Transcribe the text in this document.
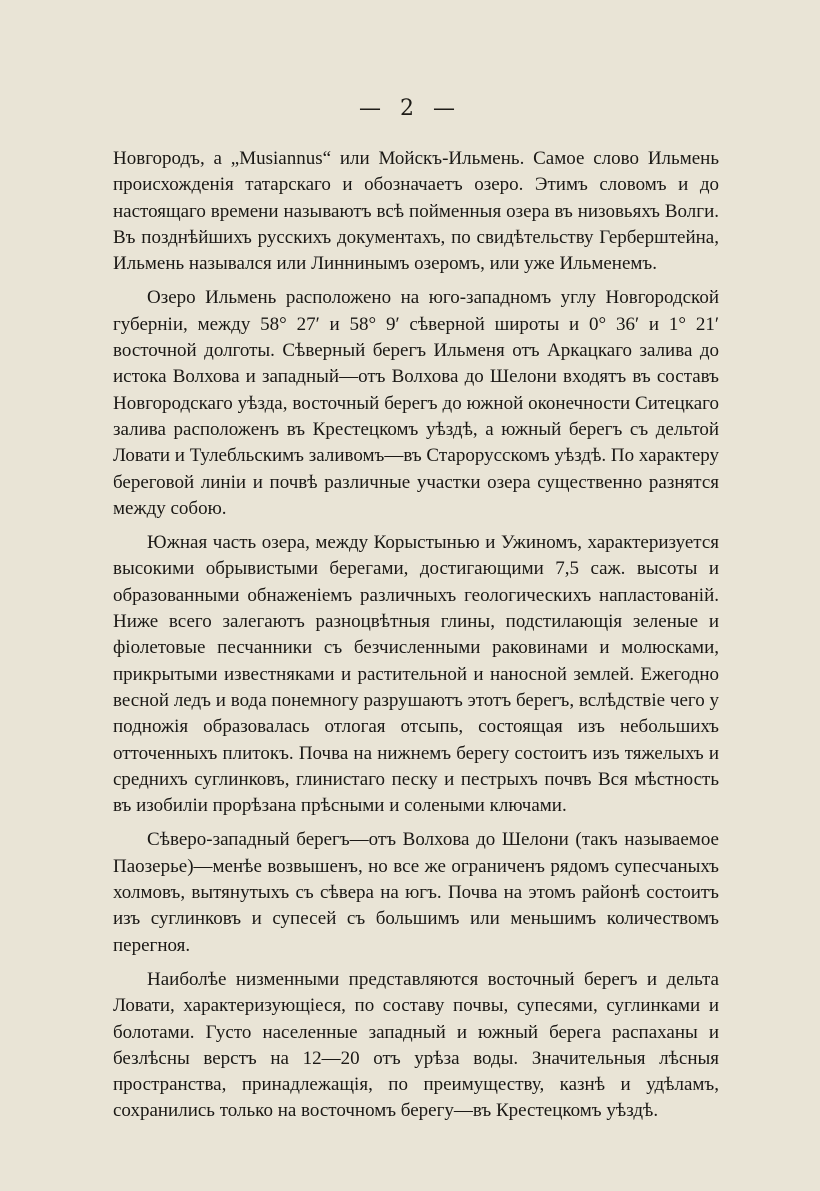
— 2 —

Новгородъ, а „Musiannus“ или Мойскъ-Ильмень. Самое слово Ильмень происхожденія татарскаго и обозначаетъ озеро. Этимъ словомъ и до настоящаго времени называютъ всѣ пойменныя озера въ низовьяхъ Волги. Въ позднѣйшихъ русскихъ документахъ, по свидѣтельству Герберштейна, Ильмень назывался или Линнинымъ озеромъ, или уже Ильменемъ.

Озеро Ильмень расположено на юго-западномъ углу Новгородской губерніи, между 58° 27′ и 58° 9′ сѣверной широты и 0° 36′ и 1° 21′ восточной долготы. Сѣверный берегъ Ильменя отъ Аркацкаго залива до истока Волхова и западный—отъ Волхова до Шелони входятъ въ составъ Новгородскаго уѣзда, восточный берегъ до южной оконечности Ситецкаго залива расположенъ въ Крестецкомъ уѣздѣ, а южный берегъ съ дельтой Ловати и Тулебльскимъ заливомъ—въ Старорусскомъ уѣздѣ. По характеру береговой линіи и почвѣ различные участки озера существенно разнятся между собою.

Южная часть озера, между Корыстынью и Ужиномъ, характеризуется высокими обрывистыми берегами, достигающими 7,5 саж. высоты и образованными обнаженіемъ различныхъ геологическихъ напластованій. Ниже всего залегаютъ разноцвѣтныя глины, подстилающія зеленые и фіолетовые песчанники съ безчисленными раковинами и молюсками, прикрытыми известняками и растительной и наносной землей. Ежегодно весной ледъ и вода понемногу разрушаютъ этотъ берегъ, вслѣдствіе чего у подножія образовалась отлогая отсыпь, состоящая изъ небольшихъ отточенныхъ плитокъ. Почва на нижнемъ берегу состоитъ изъ тяжелыхъ и среднихъ суглинковъ, глинистаго песку и пестрыхъ почвъ Вся мѣстность въ изобиліи прорѣзана прѣсными и солеными ключами.

Сѣверо-западный берегъ—отъ Волхова до Шелони (такъ называемое Паозерье)—менѣе возвышенъ, но все же ограниченъ рядомъ супесчаныхъ холмовъ, вытянутыхъ съ сѣвера на югъ. Почва на этомъ районѣ состоитъ изъ суглинковъ и супесей съ большимъ или меньшимъ количествомъ перегноя.

Наиболѣе низменными представляются восточный берегъ и дельта Ловати, характеризующіеся, по составу почвы, супесями, суглинками и болотами. Густо населенные западный и южный берега распаханы и безлѣсны верстъ на 12—20 отъ урѣза воды. Значительныя лѣсныя пространства, принадлежащія, по преимуществу, казнѣ и удѣламъ, сохранились только на восточномъ берегу—въ Крестецкомъ уѣздѣ.
